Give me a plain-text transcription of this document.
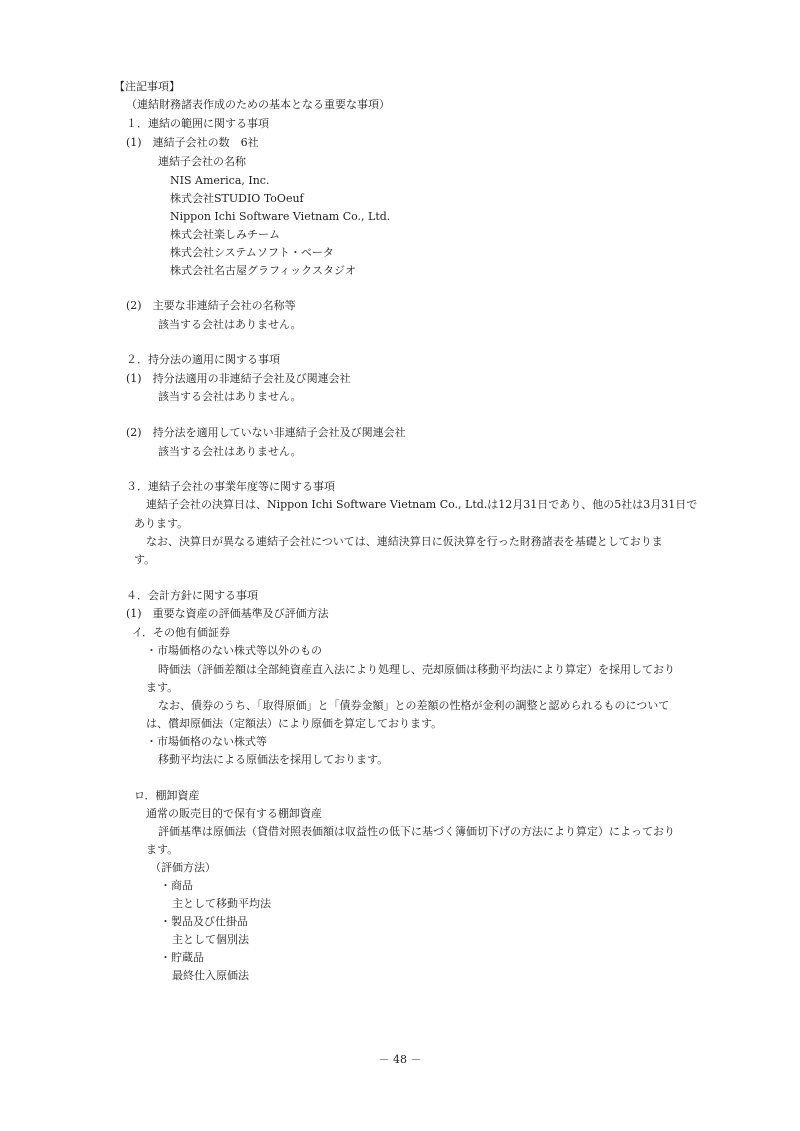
【注記事項】
（連結財務諸表作成のための基本となる重要な事項）
１．連結の範囲に関する事項
(1)　連結子会社の数　6社
連結子会社の名称
NIS America, Inc.
株式会社STUDIO ToOeuf
Nippon Ichi Software Vietnam Co., Ltd.
株式会社楽しみチーム
株式会社システムソフト・ベータ
株式会社名古屋グラフィックスタジオ
(2)　主要な非連結子会社の名称等
該当する会社はありません。
２．持分法の適用に関する事項
(1)　持分法適用の非連結子会社及び関連会社
該当する会社はありません。
(2)　持分法を適用していない非連結子会社及び関連会社
該当する会社はありません。
３．連結子会社の事業年度等に関する事項
連結子会社の決算日は、Nippon Ichi Software Vietnam Co., Ltd.は12月31日であり、他の5社は3月31日で
あります。
なお、決算日が異なる連結子会社については、連結決算日に仮決算を行った財務諸表を基礎としておりま
す。
４．会計方針に関する事項
(1)　重要な資産の評価基準及び評価方法
イ．その他有価証券
・市場価格のない株式等以外のもの
時価法（評価差額は全部純資産直入法により処理し、売却原価は移動平均法により算定）を採用しており
ます。
なお、債券のうち、「取得原価」と「債券金額」との差額の性格が金利の調整と認められるものについて
は、償却原価法（定額法）により原価を算定しております。
・市場価格のない株式等
移動平均法による原価法を採用しております。
ロ．棚卸資産
通常の販売目的で保有する棚卸資産
評価基準は原価法（貸借対照表価額は収益性の低下に基づく簿価切下げの方法により算定）によっており
ます。
（評価方法）
・商品
主として移動平均法
・製品及び仕掛品
主として個別法
・貯蔵品
最終仕入原価法
－ 48 －
